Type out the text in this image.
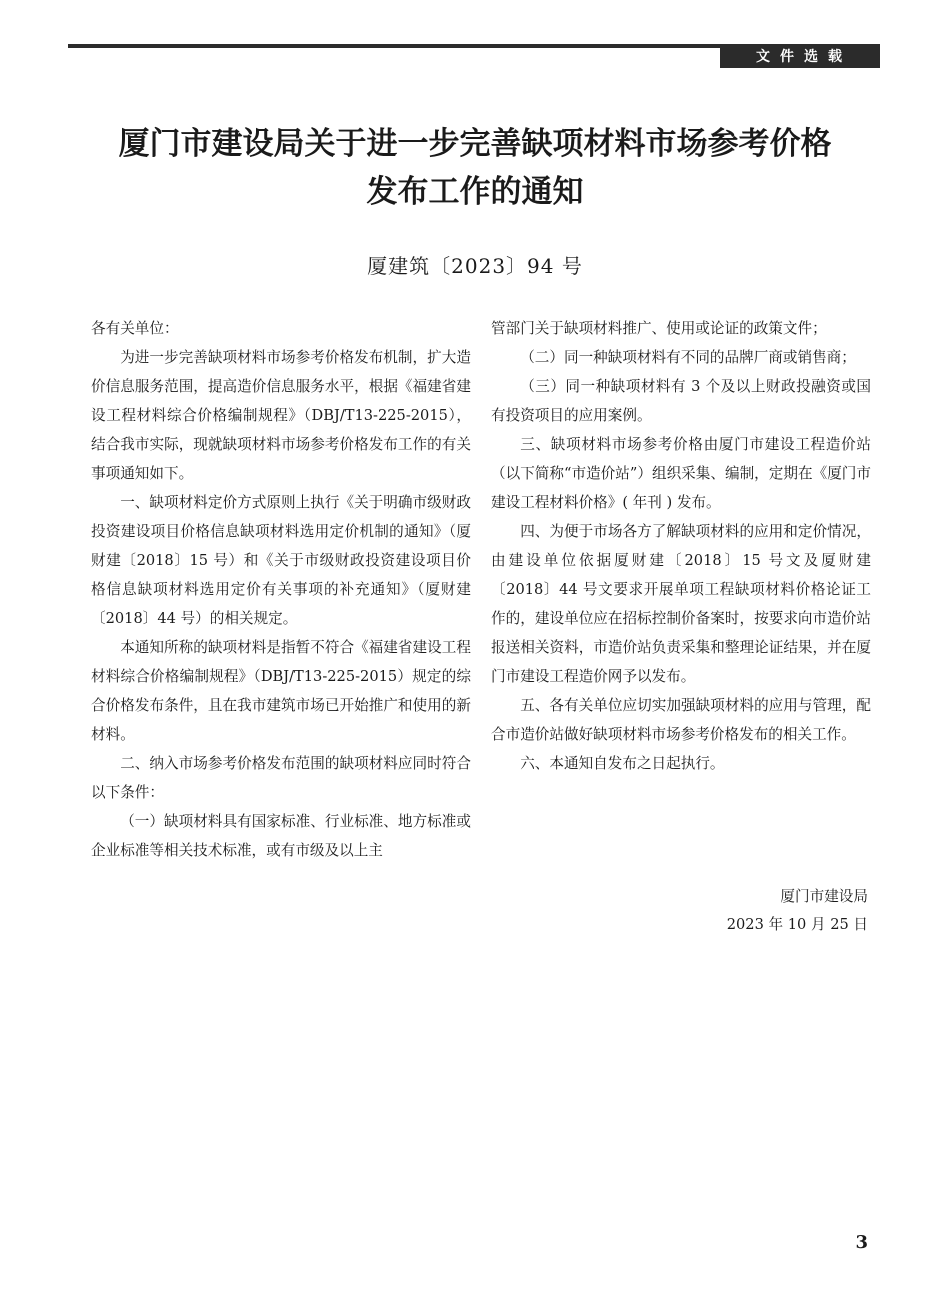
文件选载
厦门市建设局关于进一步完善缺项材料市场参考价格
发布工作的通知
厦建筑〔2023〕94 号

各有关单位：

为进一步完善缺项材料市场参考价格发布机制，扩大造价信息服务范围，提高造价信息服务水平，根据《福建省建设工程材料综合价格编制规程》（DBJ/T13-225-2015），结合我市实际，现就缺项材料市场参考价格发布工作的有关事项通知如下。

一、缺项材料定价方式原则上执行《关于明确市级财政投资建设项目价格信息缺项材料选用定价机制的通知》（厦财建〔2018〕15 号）和《关于市级财政投资建设项目价格信息缺项材料选用定价有关事项的补充通知》（厦财建〔2018〕44 号）的相关规定。

本通知所称的缺项材料是指暂不符合《福建省建设工程材料综合价格编制规程》（DBJ/T13-225-2015）规定的综合价格发布条件，且在我市建筑市场已开始推广和使用的新材料。

二、纳入市场参考价格发布范围的缺项材料应同时符合以下条件：

（一）缺项材料具有国家标准、行业标准、地方标准或企业标准等相关技术标准，或有市级及以上主

管部门关于缺项材料推广、使用或论证的政策文件；

（二）同一种缺项材料有不同的品牌厂商或销售商；

（三）同一种缺项材料有 3 个及以上财政投融资或国有投资项目的应用案例。

三、缺项材料市场参考价格由厦门市建设工程造价站（以下简称“市造价站”）组织采集、编制，定期在《厦门市建设工程材料价格》( 年刊 ) 发布。

四、为便于市场各方了解缺项材料的应用和定价情况，由建设单位依据厦财建〔2018〕15 号文及厦财建〔2018〕44 号文要求开展单项工程缺项材料价格论证工作的，建设单位应在招标控制价备案时，按要求向市造价站报送相关资料，市造价站负责采集和整理论证结果，并在厦门市建设工程造价网予以发布。

五、各有关单位应切实加强缺项材料的应用与管理，配合市造价站做好缺项材料市场参考价格发布的相关工作。

六、本通知自发布之日起执行。

厦门市建设局
2023 年 10 月 25 日
3
